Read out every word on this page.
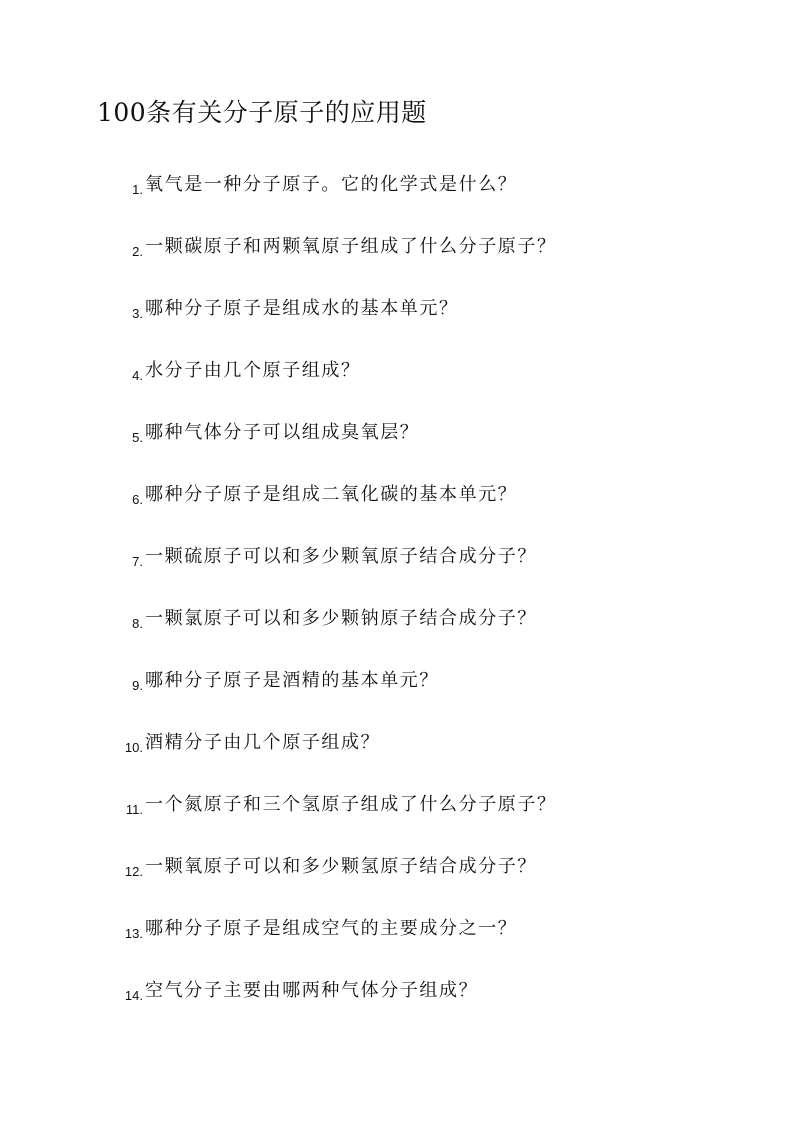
100条有关分子原子的应用题
1. 氧气是一种分子原子。它的化学式是什么？
2. 一颗碳原子和两颗氧原子组成了什么分子原子？
3. 哪种分子原子是组成水的基本单元？
4. 水分子由几个原子组成？
5. 哪种气体分子可以组成臭氧层？
6. 哪种分子原子是组成二氧化碳的基本单元？
7. 一颗硫原子可以和多少颗氧原子结合成分子？
8. 一颗氯原子可以和多少颗钠原子结合成分子？
9. 哪种分子原子是酒精的基本单元？
10. 酒精分子由几个原子组成？
11. 一个氮原子和三个氢原子组成了什么分子原子？
12. 一颗氧原子可以和多少颗氢原子结合成分子？
13. 哪种分子原子是组成空气的主要成分之一？
14. 空气分子主要由哪两种气体分子组成？
